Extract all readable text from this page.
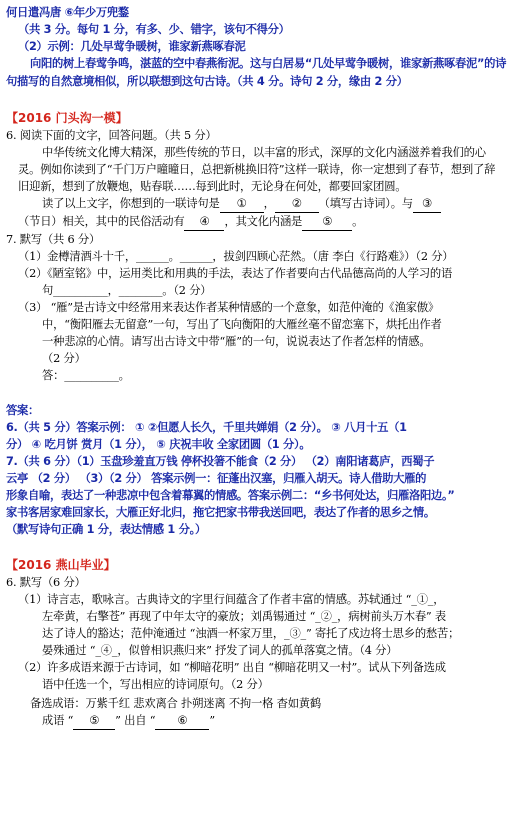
何日遣冯唐 ⑥年少万兜鍪

（共 3 分。每句 1 分，有多、少、错字，该句不得分）

（2）示例：几处早莺争暖树，谁家新燕啄春泥

向阳的树上春莺争鸣，湛蓝的空中春燕衔泥。这与白居易“几处早莺争暖树，谁家新燕啄春泥”的诗句描写的自然意境相似，所以联想到这句古诗。（共 4 分。诗句 2 分，缘由 2 分）

【2016 门头沟一模】

6. 阅读下面的文字，回答问题。（共 5 分）

中华传统文化博大精深，那些传统的节日，以丰富的形式，深厚的文化内涵滋养着我们的心灵。例如你读到了“千门万户曈曈日，总把新桃换旧符”这样一联诗，你一定想到了春节，想到了辞旧迎新，想到了放鞭炮，贴春联……每到此时，无论身在何处，都要回家团圆。

读了以上文字，你想到的一联诗句是 ① ， ② （填写古诗词）。与 ③

（节日）相关，其中的民俗活动有 ④ ，其文化内涵是 ⑤ 。

7. 默写（共 6 分）

（1）金樽清酒斗十千，______。______，拔剑四顾心茫然。（唐 李白《行路难》）（2 分）

（2）《陋室铭》中，运用类比和用典的手法，表达了作者要向古代品德高尚的人学习的语

句__________，________。（2 分）

（3） “雁”是古诗文中经常用来表达作者某种情感的一个意象，如范仲淹的《渔家傲》

中，“衡阳雁去无留意”一句，写出了飞向衡阳的大雁丝毫不留恋塞下，烘托出作者

一种悲凉的心情。请写出古诗文中带“雁”的一句，说说表达了作者怎样的情感。

（2 分）

答：__________。

答案：

6.（共 5 分）答案示例： ① ②但愿人长久，千里共婵娟（2 分）。 ③ 八月十五（1

分） ④ 吃月饼 赏月（1 分）， ⑤ 庆祝丰收 全家团圆（1 分）。

7.（共 6 分）（1）玉盘珍羞直万钱 停杯投箸不能食（2 分） （2）南阳诸葛庐，西蜀子

云亭 （2 分） （3）（2 分） 答案示例一：征蓬出汉塞，归雁入胡天。诗人借助大雁的

形象自喻，表达了一种悲凉中包含着幕翼的情感。答案示例二：“乡书何处达，归雁洛阳边。”

家书客居家难回家长，大雁正好北归，拖它把家书带我送回吧，表达了作者的思乡之情。

（默写诗句正确 1 分，表达情感 1 分。）

【2016 燕山毕业】

6. 默写（6 分）

（1）诗言志，歌咏言。古典诗文的字里行间蕴含了作者丰富的情感。苏轼通过 “_①_，

左牵黄，右擎苍” 再现了中年太守的豪放；刘禹锡通过 “_②_，病树前头万木春” 表

达了诗人的豁达；范仲淹通过 “浊酒一杯家万里，_③_” 寄托了戍边将士思乡的愁苦；

晏殊通过 “_④_，似曾相识燕归来” 抒发了词人的孤单落寞之情。（4 分）

（2）许多成语来源于古诗词，如 “柳暗花明” 出自 “柳暗花明又一村”。试从下列备选成

语中任选一个，写出相应的诗词原句。（2 分）

备选成语：万紫千红 悲欢离合 扑朔迷离 不拘一格 杳如黄鹤

成语 “ ⑤ ” 出自 “ ⑥ ”
